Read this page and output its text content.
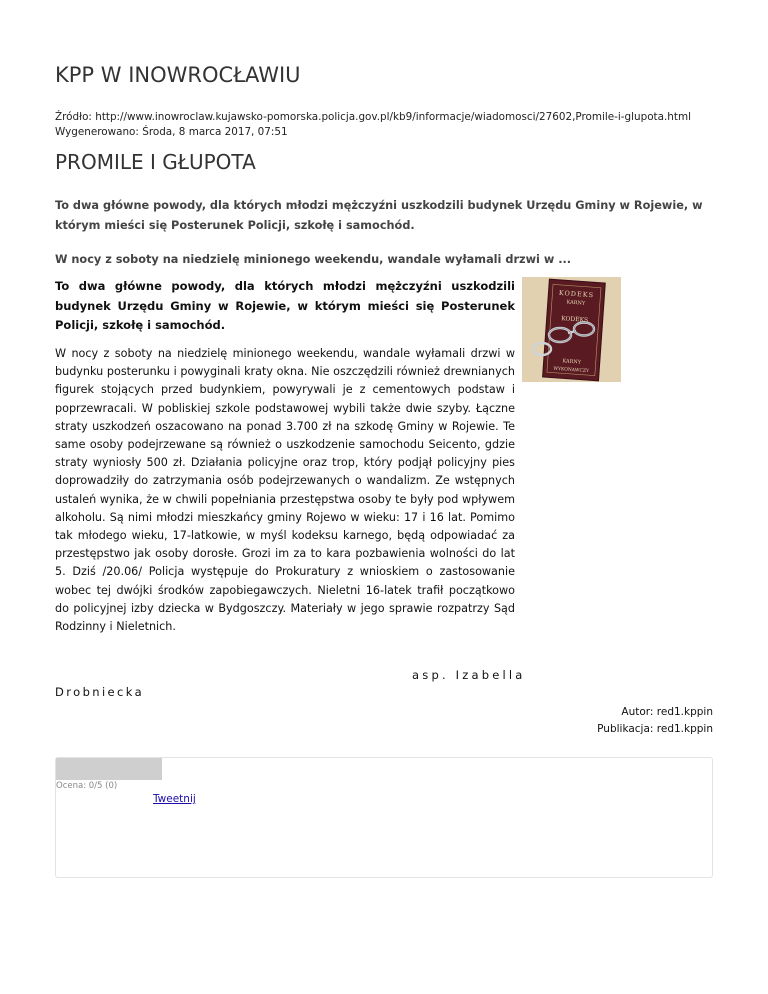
KPP W INOWROCŁAWIU
Źródło: http://www.inowroclaw.kujawsko-pomorska.policja.gov.pl/kb9/informacje/wiadomosci/27602,Promile-i-glupota.html
Wygenerowano: Środa, 8 marca 2017, 07:51
PROMILE I GŁUPOTA
To dwa główne powody, dla których młodzi mężczyźni uszkodzili budynek Urzędu Gminy w Rojewie, w którym mieści się Posterunek Policji, szkołę i samochód.
W nocy z soboty na niedzielę minionego weekendu, wandale wyłamali drzwi w ...
To dwa główne powody, dla których młodzi mężczyźni uszkodzili budynek Urzędu Gminy w Rojewie, w którym mieści się Posterunek Policji, szkołę i samochód.
KODEKS
KARNY
KODEKS
KARNY
WYKONAWCZY
W nocy z soboty na niedzielę minionego weekendu, wandale wyłamali drzwi w budynku posterunku i powyginali kraty okna. Nie oszczędzili również drewnianych figurek stojących przed budynkiem, powyrywali je z cementowych podstaw i poprzewracali. W pobliskiej szkole podstawowej wybili także dwie szyby. Łączne straty uszkodzeń oszacowano na ponad 3.700 zł na szkodę Gminy w Rojewie. Te same osoby podejrzewane są również o uszkodzenie samochodu Seicento, gdzie straty wyniosły 500 zł. Działania policyjne oraz trop, który podjął policyjny pies doprowadziły do zatrzymania osób podejrzewanych o wandalizm. Ze wstępnych ustaleń wynika, że w chwili popełniania przestępstwa osoby te były pod wpływem alkoholu. Są nimi młodzi mieszkańcy gminy Rojewo w wieku: 17 i 16 lat. Pomimo tak młodego wieku, 17-latkowie, w myśl kodeksu karnego, będą odpowiadać za przestępstwo jak osoby dorosłe. Grozi im za to kara pozbawienia wolności do lat 5. Dziś /20.06/ Policja występuje do Prokuratury z wnioskiem o zastosowanie wobec tej dwójki środków zapobiegawczych. Nieletni 16-latek trafił początkowo do policyjnej izby dziecka w Bydgoszczy. Materiały w jego sprawie rozpatrzy Sąd Rodzinny i Nieletnich.
asp. Izabella
Drobniecka
Autor: red1.kppin
Publikacja: red1.kppin
Ocena: 0/5 (0)
Tweetnij
